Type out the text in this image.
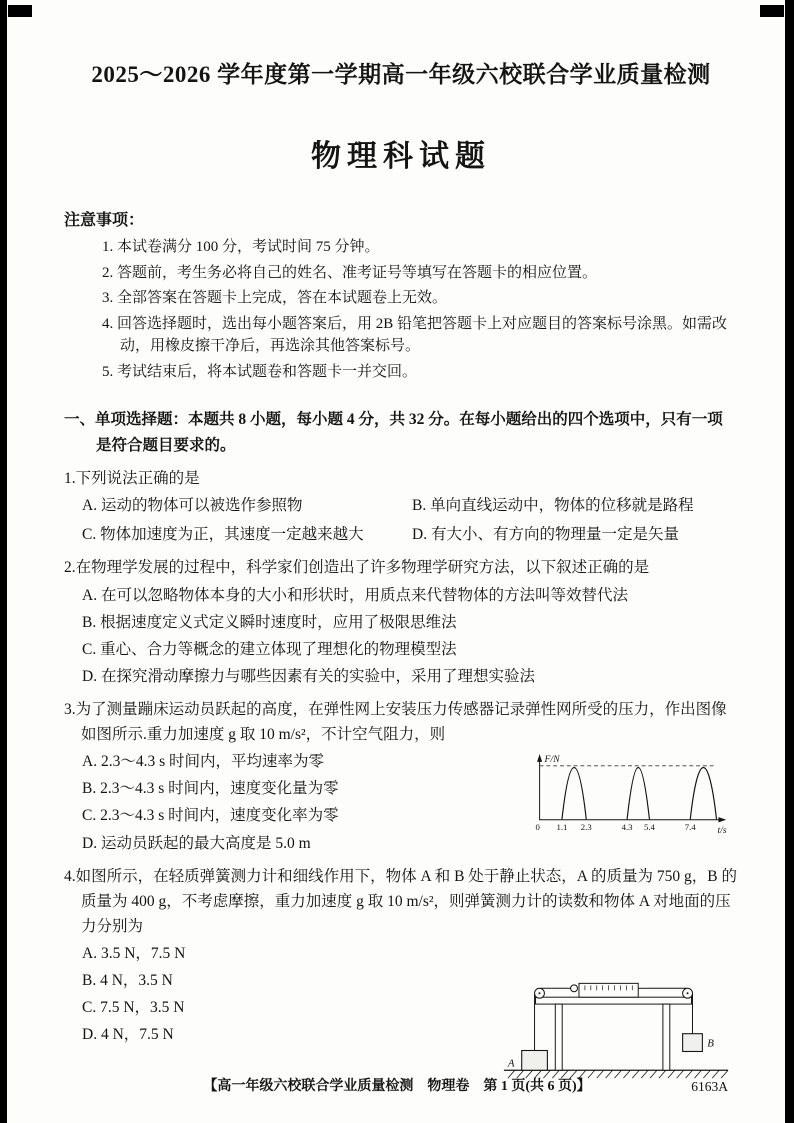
2025～2026 学年度第一学期高一年级六校联合学业质量检测
物理科试题
注意事项：
1. 本试卷满分 100 分，考试时间 75 分钟。
2. 答题前，考生务必将自己的姓名、准考证号等填写在答题卡的相应位置。
3. 全部答案在答题卡上完成，答在本试题卷上无效。
4. 回答选择题时，选出每小题答案后，用 2B 铅笔把答题卡上对应题目的答案标号涂黑。如需改动，用橡皮擦干净后，再选涂其他答案标号。
5. 考试结束后，将本试题卷和答题卡一并交回。
一、单项选择题：本题共 8 小题，每小题 4 分，共 32 分。在每小题给出的四个选项中，只有一项是符合题目要求的。
1.下列说法正确的是
A. 运动的物体可以被选作参照物	B. 单向直线运动中，物体的位移就是路程
C. 物体加速度为正，其速度一定越来越大	D. 有大小、有方向的物理量一定是矢量
2.在物理学发展的过程中，科学家们创造出了许多物理学研究方法，以下叙述正确的是
A. 在可以忽略物体本身的大小和形状时，用质点来代替物体的方法叫等效替代法
B. 根据速度定义式定义瞬时速度时，应用了极限思维法
C. 重心、合力等概念的建立体现了理想化的物理模型法
D. 在探究滑动摩擦力与哪些因素有关的实验中，采用了理想实验法
3.为了测量蹦床运动员跃起的高度，在弹性网上安装压力传感器记录弹性网所受的压力，作出图像如图所示.重力加速度 g 取 10 m/s²，不计空气阻力，则
A. 2.3～4.3 s 时间内，平均速率为零
B. 2.3～4.3 s 时间内，速度变化量为零
C. 2.3～4.3 s 时间内，速度变化率为零
D. 运动员跃起的最大高度是 5.0 m
F/N
t/s
0 1.1 2.3	4.3 5.4	7.4
4.如图所示，在轻质弹簧测力计和细线作用下，物体 A 和 B 处于静止状态，A 的质量为 750 g，B 的质量为 400 g，不考虑摩擦，重力加速度 g 取 10 m/s²，则弹簧测力计的读数和物体 A 对地面的压力分别为
A. 3.5 N，7.5 N
B. 4 N，3.5 N
C. 7.5 N，3.5 N
D. 4 N，7.5 N
A
B
【高一年级六校联合学业质量检测　物理卷　第 1 页(共 6 页)】	6163A
